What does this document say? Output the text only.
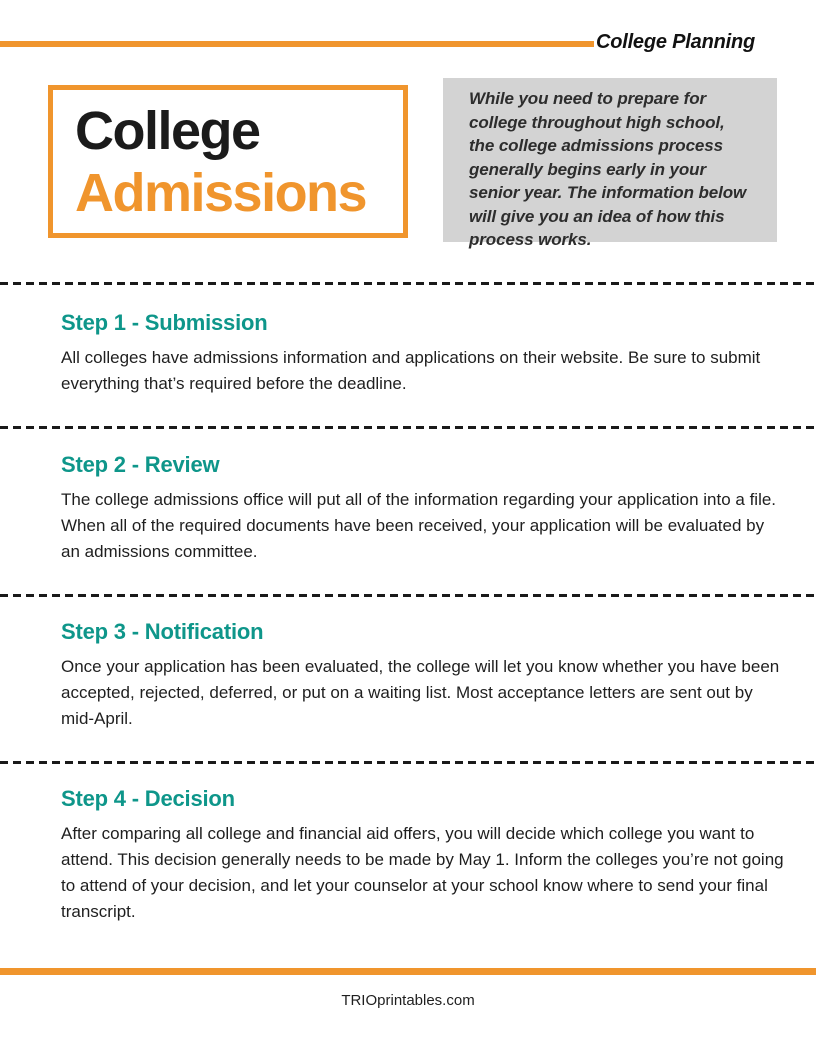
College Planning
College
Admissions
While you need to prepare for college throughout high school, the college admissions process generally begins early in your senior year. The information below will give you an idea of how this process works.
Step 1 - Submission

All colleges have admissions information and applications on their website. Be sure to submit everything that’s required before the deadline.

Step 2 - Review

The college admissions office will put all of the information regarding your application into a file. When all of the required documents have been received, your application will be evaluated by an admissions committee.

Step 3 - Notification

Once your application has been evaluated, the college will let you know whether you have been accepted, rejected, deferred, or put on a waiting list. Most acceptance letters are sent out by mid-April.

Step 4 - Decision

After comparing all college and financial aid offers, you will decide which college you want to attend. This decision generally needs to be made by May 1. Inform the colleges you’re not going to attend of your decision, and let your counselor at your school know where to send your final transcript.

TRIOprintables.com
